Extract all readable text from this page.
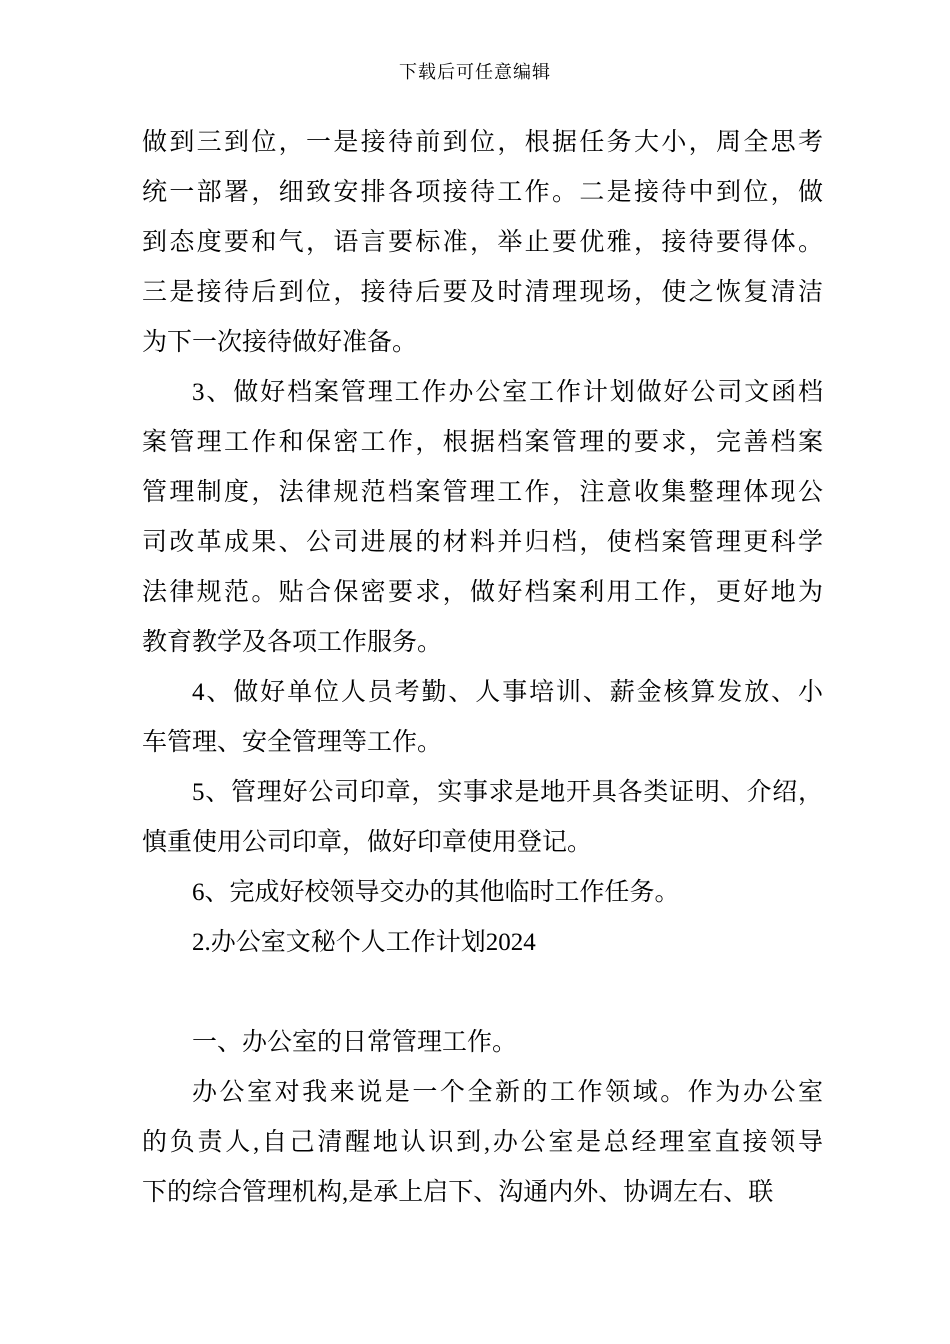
下载后可任意编辑
做到三到位，一是接待前到位，根据任务大小，周全思考
统一部署，细致安排各项接待工作。二是接待中到位，做
到态度要和气，语言要标准，举止要优雅，接待要得体。
三是接待后到位，接待后要及时清理现场，使之恢复清洁
为下一次接待做好准备。
3、做好档案管理工作办公室工作计划做好公司文函档
案管理工作和保密工作，根据档案管理的要求，完善档案
管理制度，法律规范档案管理工作，注意收集整理体现公
司改革成果、公司进展的材料并归档，使档案管理更科学
法律规范。贴合保密要求，做好档案利用工作，更好地为
教育教学及各项工作服务。
4、做好单位人员考勤、人事培训、薪金核算发放、小
车管理、安全管理等工作。
5、管理好公司印章，实事求是地开具各类证明、介绍，
慎重使用公司印章，做好印章使用登记。
6、完成好校领导交办的其他临时工作任务。
2.办公室文秘个人工作计划2024
一、办公室的日常管理工作。
办公室对我来说是一个全新的工作领域。作为办公室
的负责人,自己清醒地认识到,办公室是总经理室直接领导
下的综合管理机构,是承上启下、沟通内外、协调左右、联
